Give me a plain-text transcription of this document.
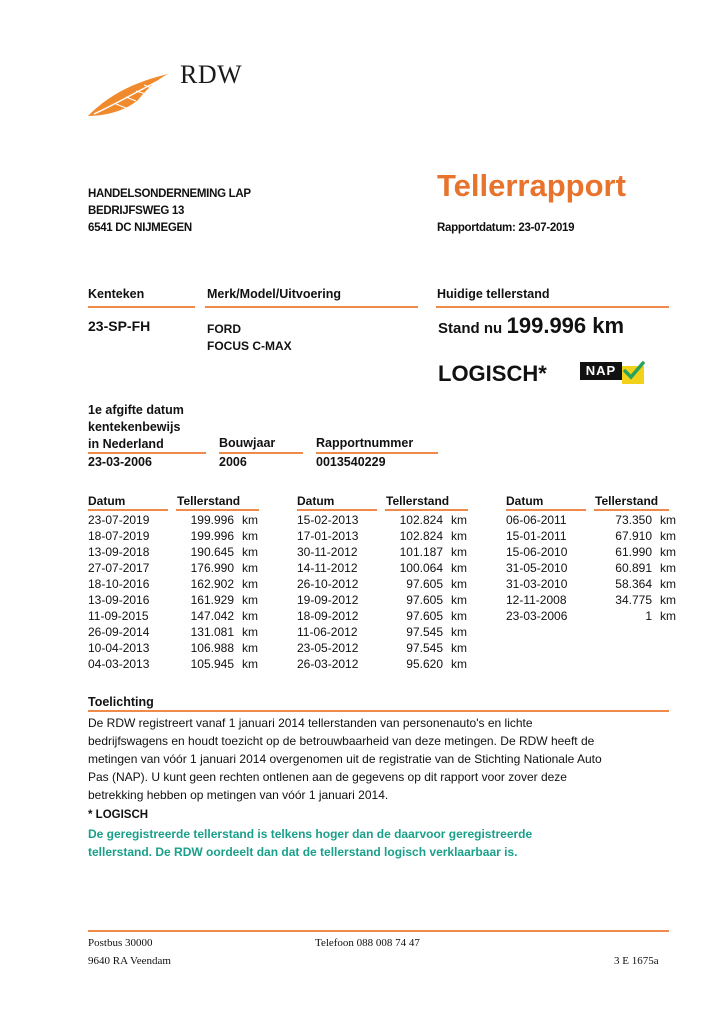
RDW
Tellerrapport
HANDELSONDERNEMING LAP
BEDRIJFSWEG 13
6541 DC NIJMEGEN	Rapportdatum: 23-07-2019
Kenteken	Merk/Model/Uitvoering	Huidige tellerstand
23-SP-FH	FORD
FOCUS C-MAX
Stand nu 199.996 km
LOGISCH*	NAP
1e afgifte datum
kentekenbewijs
in Nederland	Bouwjaar	Rapportnummer
23-03-2006	2006	0013540229
Datum	Tellerstand	Datum	Tellerstand	Datum	Tellerstand
23-07-2019	199.996	km
18-07-2019	199.996	km
13-09-2018	190.645	km
27-07-2017	176.990	km
18-10-2016	162.902	km
13-09-2016	161.929	km
11-09-2015	147.042	km
26-09-2014	131.081	km
10-04-2013	106.988	km
04-03-2013	105.945	km
15-02-2013	102.824	km
17-01-2013	102.824	km
30-11-2012	101.187	km
14-11-2012	100.064	km
26-10-2012	97.605	km
19-09-2012	97.605	km
18-09-2012	97.605	km
11-06-2012	97.545	km
23-05-2012	97.545	km
26-03-2012	95.620	km
06-06-2011	73.350	km
15-01-2011	67.910	km
15-06-2010	61.990	km
31-05-2010	60.891	km
31-03-2010	58.364	km
12-11-2008	34.775	km
23-03-2006	1	km
Toelichting
De RDW registreert vanaf 1 januari 2014 tellerstanden van personenauto's en lichte
bedrijfswagens en houdt toezicht op de betrouwbaarheid van deze metingen. De RDW heeft de
metingen van vóór 1 januari 2014 overgenomen uit de registratie van de Stichting Nationale Auto
Pas (NAP). U kunt geen rechten ontlenen aan de gegevens op dit rapport voor zover deze
betrekking hebben op metingen van vóór 1 januari 2014.
* LOGISCH
De geregistreerde tellerstand is telkens hoger dan de daarvoor geregistreerde
tellerstand. De RDW oordeelt dan dat de tellerstand logisch verklaarbaar is.
Postbus 30000	Telefoon 088 008 74 47
9640 RA Veendam	3 E 1675a
